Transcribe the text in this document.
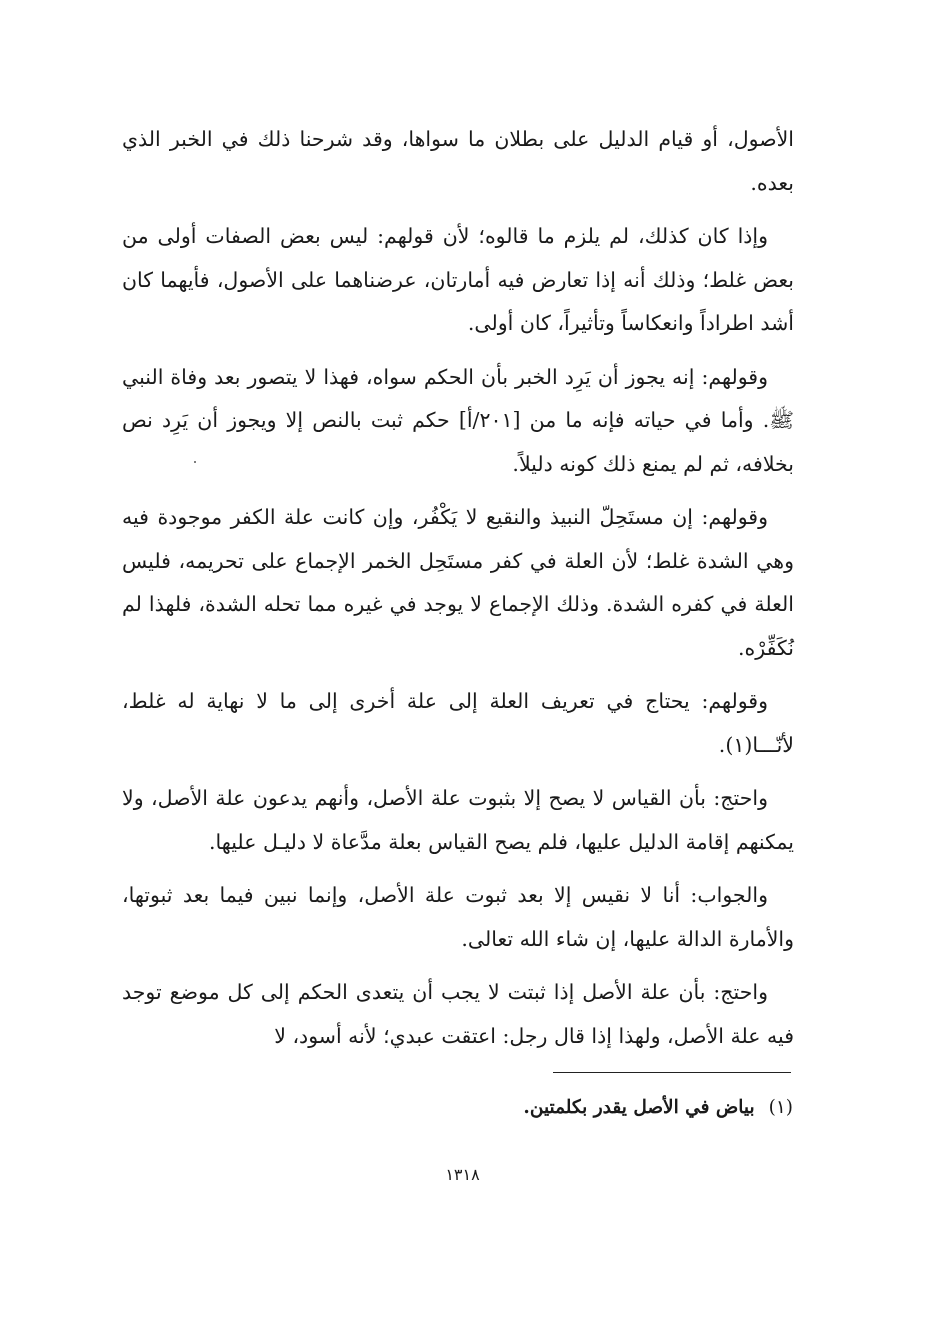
الأصول، أو قيام الدليل على بطلان ما سواها، وقد شرحنا ذلك في الخبر الذي بعده.

وإذا كان كذلك، لم يلزم ما قالوه؛ لأن قولهم: ليس بعض الصفات أولى من بعض غلط؛ وذلك أنه إذا تعارض فيه أمارتان، عرضناهما على الأصول، فأيهما كان أشد اطراداً وانعكاساً وتأثيراً، كان أولى.

وقولهم: إنه يجوز أن يَرِد الخبر بأن الحكم سواه، فهذا لا يتصور بعد وفاة النبي ﷺ. وأما في حياته فإنه ما من [٢٠١/أ] حكم ثبت بالنص إلا ويجوز أن يَرِد نص بخلافه، ثم لم يمنع ذلك كونه دليلاً.

وقولهم: إن مستَحِلّ النبيذ والنقيع لا يَكْفُر، وإن كانت علة الكفر موجودة فيه وهي الشدة غلط؛ لأن العلة في كفر مستَحِل الخمر الإجماع على تحريمه، فليس العلة في كفره الشدة. وذلك الإجماع لا يوجد في غيره مما تحله الشدة، فلهذا لم نُكَفِّرْه.

وقولهم: يحتاج في تعريف العلة إلى علة أخرى إلى ما لا نهاية له غلط، لأنّـــا(١).

واحتج: بأن القياس لا يصح إلا بثبوت علة الأصل، وأنهم يدعون علة الأصل، ولا يمكنهم إقامة الدليل عليها، فلم يصح القياس بعلة مدَّعاة لا دليـل عليها.

والجواب: أنا لا نقيس إلا بعد ثبوت علة الأصل، وإنما نبين فيما بعد ثبوتها، والأمارة الدالة عليها، إن شاء الله تعالى.

واحتج: بأن علة الأصل إذا ثبتت لا يجب أن يتعدى الحكم إلى كل موضع توجد فيه علة الأصل، ولهذا إذا قال رجل: اعتقت عبدي؛ لأنه أسود، لا

(١)بياض في الأصل يقدر بكلمتين.
١٣١٨
